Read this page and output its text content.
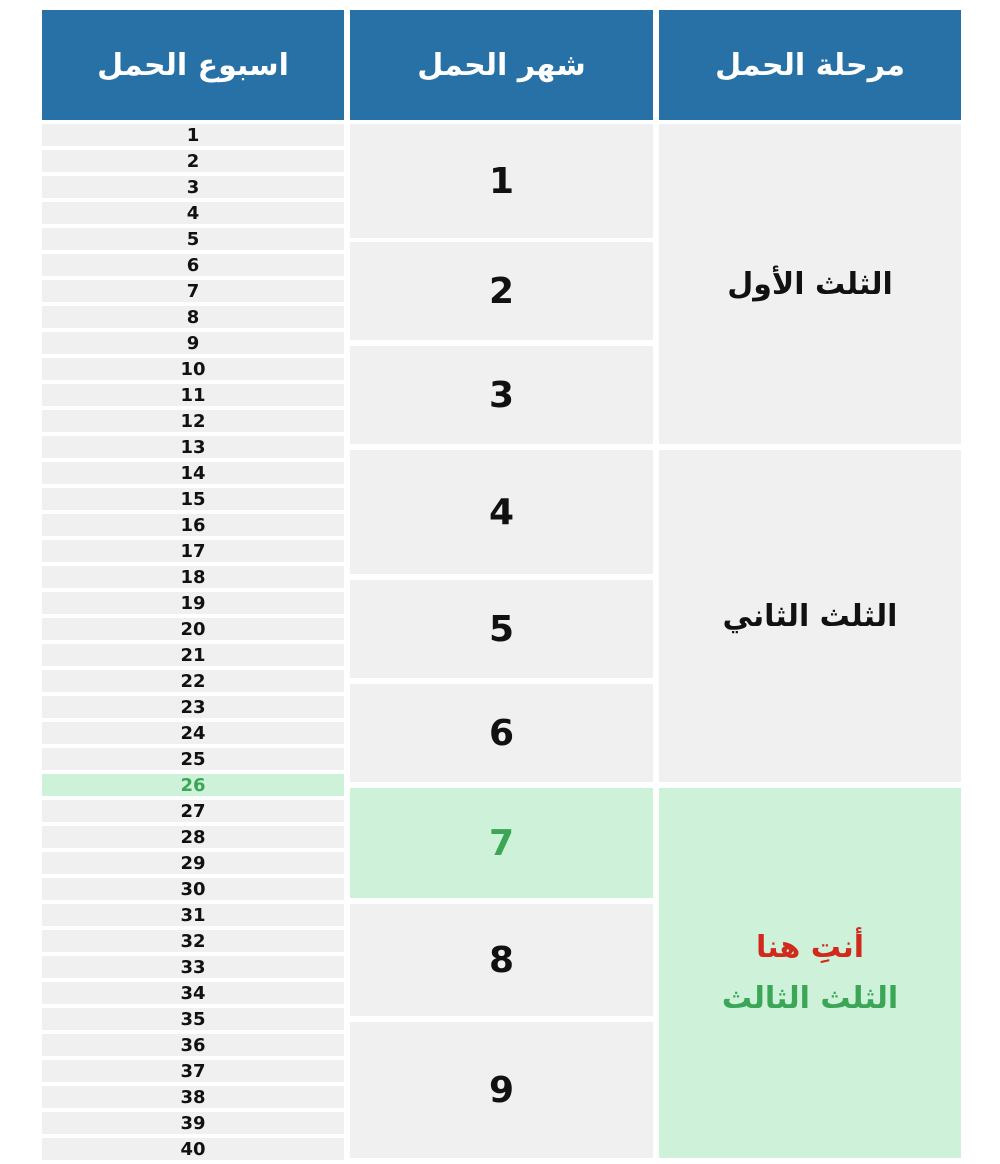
اسبوع الحمل	شهر الحمل	مرحلة الحمل
1
2
3
4
5
6
7
8
9
10
11
12
13
14
15
16
17
18
19
20
21
22
23
24
25
26
27
28
29
30
31
32
33
34
35
36
37
38
39
40
1
2
3
4
5
6
7
8
9
الثلث الأول
الثلث الثاني
أنتِ هنا
الثلث الثالث
